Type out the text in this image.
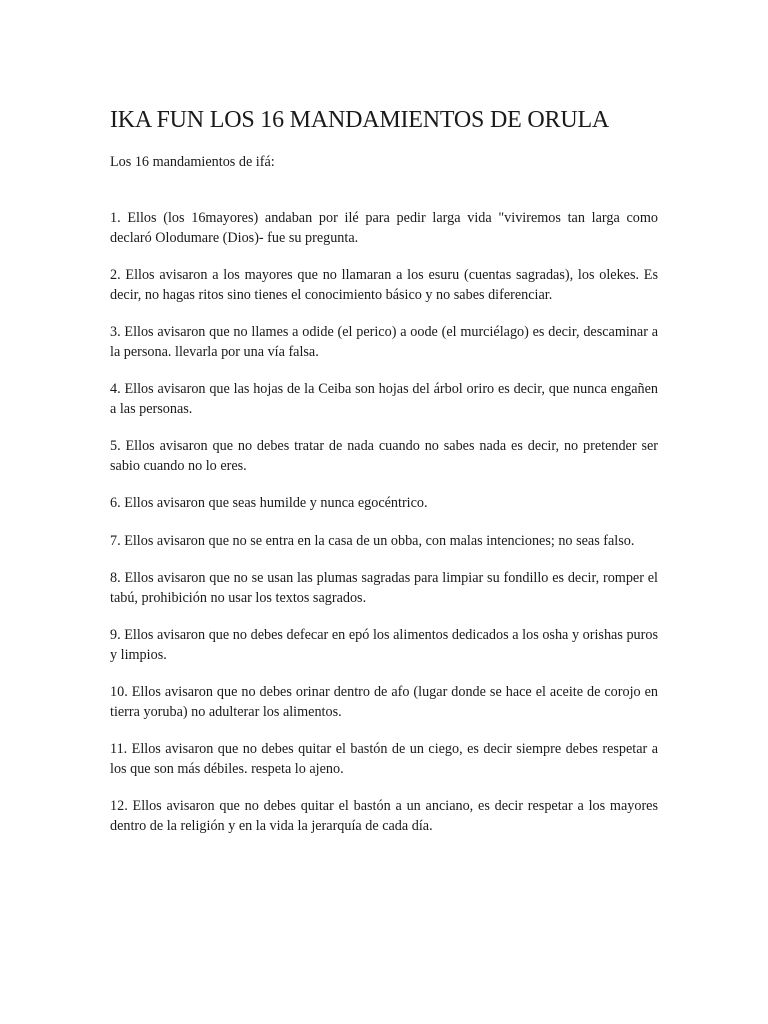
IKA FUN LOS 16 MANDAMIENTOS DE ORULA

Los 16 mandamientos de ifá:

1. Ellos (los 16mayores) andaban por ilé para pedir larga vida "viviremos tan larga como declaró Olodumare (Dios)- fue su pregunta.
2. Ellos avisaron a los mayores que no llamaran a los esuru (cuentas sagradas), los olekes. Es decir, no hagas ritos sino tienes el conocimiento básico y no sabes diferenciar.
3. Ellos avisaron que no llames a odide (el perico) a oode (el murciélago) es decir, descaminar a la persona. llevarla por una vía falsa.
4. Ellos avisaron que las hojas de la Ceiba son hojas del árbol oriro es decir, que nunca engañen a las personas.
5. Ellos avisaron que no debes tratar de nada cuando no sabes nada es decir, no pretender ser sabio cuando no lo eres.
6. Ellos avisaron que seas humilde y nunca egocéntrico.
7. Ellos avisaron que no se entra en la casa de un obba, con malas intenciones; no seas falso.
8. Ellos avisaron que no se usan las plumas sagradas para limpiar su fondillo es decir, romper el tabú, prohibición no usar los textos sagrados.
9. Ellos avisaron que no debes defecar en epó los alimentos dedicados a los osha y orishas puros y limpios.
10. Ellos avisaron que no debes orinar dentro de afo (lugar donde se hace el aceite de corojo en tierra yoruba) no adulterar los alimentos.
11. Ellos avisaron que no debes quitar el bastón de un ciego, es decir siempre debes respetar a los que son más débiles. respeta lo ajeno.
12. Ellos avisaron que no debes quitar el bastón a un anciano, es decir respetar a los mayores dentro de la religión y en la vida la jerarquía de cada día.
